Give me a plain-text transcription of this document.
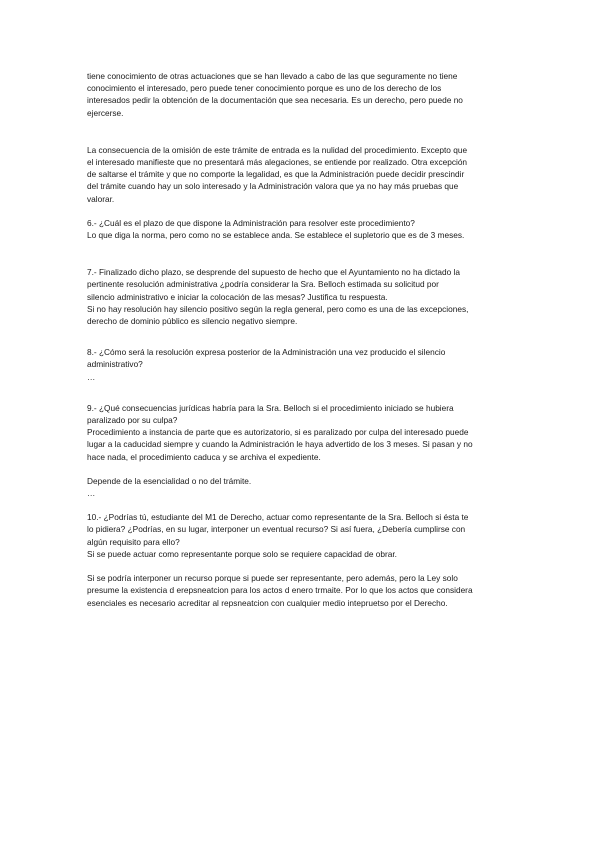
tiene conocimiento de otras actuaciones que se han llevado a cabo de las que seguramente no tiene
conocimiento el interesado, pero puede tener conocimiento porque es uno de los derecho de los
interesados pedir la obtención de la documentación que sea necesaria. Es un derecho, pero puede no
ejercerse.

La consecuencia de la omisión de este trámite de entrada es la nulidad del procedimiento. Excepto que
el interesado manifieste que no presentará más alegaciones, se entiende por realizado. Otra excepción
de saltarse el trámite y que no comporte la legalidad, es que la Administración puede decidir prescindir
del trámite cuando hay un solo interesado y la Administración valora que ya no hay más pruebas que
valorar.

6.- ¿Cuál es el plazo de que dispone la Administración para resolver este procedimiento?
Lo que diga la norma, pero como no se establece anda. Se establece el supletorio que es de 3 meses.

7.- Finalizado dicho plazo, se desprende del supuesto de hecho que el Ayuntamiento no ha dictado la
pertinente resolución administrativa ¿podría considerar la Sra. Belloch estimada su solicitud por
silencio administrativo e iniciar la colocación de las mesas? Justifica tu respuesta.
Si no hay resolución hay silencio positivo según la regla general, pero como es una de las excepciones,
derecho de dominio público es silencio negativo siempre.

8.- ¿Cómo será la resolución expresa posterior de la Administración una vez producido el silencio
administrativo?
…

9.- ¿Qué consecuencias jurídicas habría para la Sra. Belloch si el procedimiento iniciado se hubiera
paralizado por su culpa?
Procedimiento a instancia de parte que es autorizatorio, si es paralizado por culpa del interesado puede
lugar a la caducidad siempre y cuando la Administración le haya advertido de los 3 meses. Si pasan y no
hace nada, el procedimiento caduca y se archiva el expediente.

Depende de la esencialidad o no del trámite.
…

10.- ¿Podrías tú, estudiante del M1 de Derecho, actuar como representante de la Sra. Belloch si ésta te
lo pidiera? ¿Podrías, en su lugar, interponer un eventual recurso? Si así fuera, ¿Debería cumplirse con
algún requisito para ello?
Si se puede actuar como representante porque solo se requiere capacidad de obrar.

Si se podría interponer un recurso porque si puede ser representante, pero además, pero la Ley solo
presume la existencia d erepsneatcion para los actos d enero trmaite. Por lo que los actos que considera
esenciales es necesario acreditar al repsneatcion con cualquier medio intepruetso por el Derecho.
